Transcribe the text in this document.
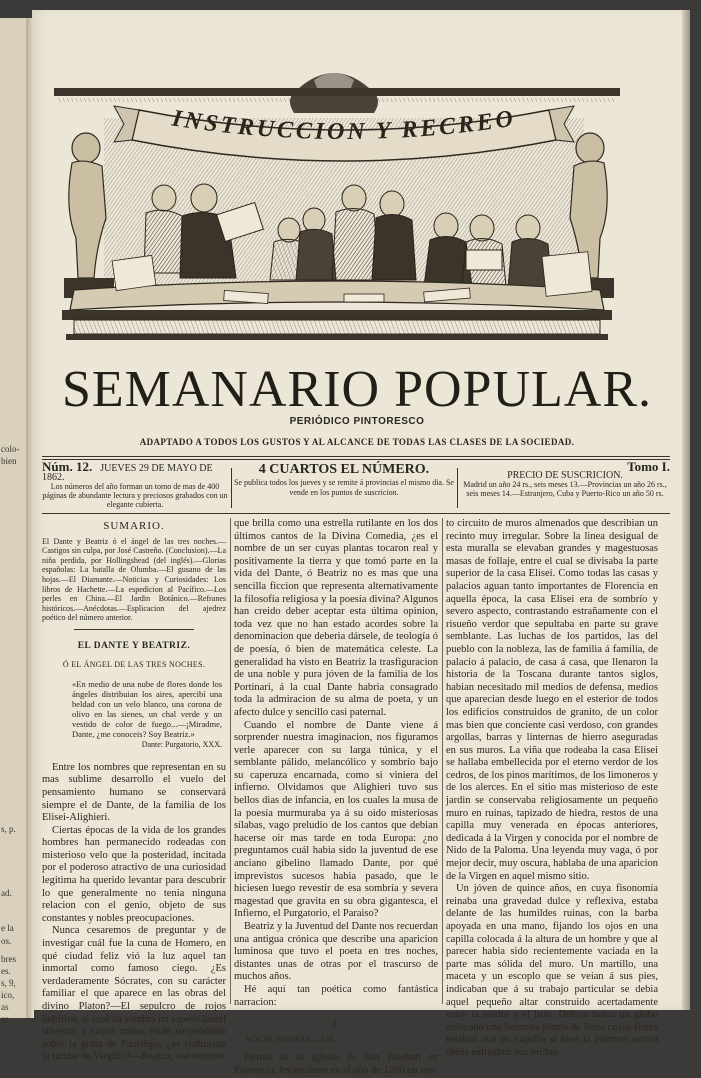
colo-
bien
s, p.
ad.
e la
os.
bres
es.
s, 9,
ico,
as
er.
INSTRUCCION Y RECREO
SEMANARIO POPULAR.
PERIÓDICO PINTORESCO
ADAPTADO A TODOS LOS GUSTOS Y AL ALCANCE DE TODAS LAS CLASES DE LA SOCIEDAD.
Núm. 12. JUEVES 29 DE MAYO DE 1862.
Los números del año forman un tomo de mas de 400 páginas de abundante lectura y preciosos grabados con un elegante cubierta.
4 CUARTOS EL NÚMERO.
Se publica todos los jueves y se remite á provincias el mismo dia. Se vende en los puntos de suscricion.
Tomo I.
PRECIO DE SUSCRICION.
Madrid un año 24 rs., seis meses 13.—Provincias un año 26 rs., seis meses 14.—Estranjero, Cuba y Puerto-Rico un año 50 rs.
SUMARIO.
El Dante y Beatriz ó el ángel de las tres noches.—Castigos sin culpa, por José Castreño. (Conclusion).—La niña perdida, por Hollingshead (del inglés).—Glorias españolas: La batalla de Olumba.—El gusano de las hojas.—El Diamante.—Noticias y Curiosidades: Los libros de Hachette.—La espedicion al Pacífico.—Los perles en China.—El Jardin Botánico.—Refranes históricos.—Anécdotas.—Esplicacion del ajedrez poético del número anterior.
EL DANTE Y BEATRIZ.
Ó EL ÁNGEL DE LAS TRES NOCHES.
«En medio de una nube de flores donde los ángeles distribuian los aires, apercibí una beldad con un velo blanco, una corona de olivo en las sienes, un chal verde y un vestido de color de fuego...—¡Miradme, Dante, ¿me conoceis? Soy Beatriz.»
Dante: Purgatorio, XXX.

Entre los nombres que representan en su mas sublime desarrollo el vuelo del pensamiento humano se conservará siempre el de Dante, de la familia de los Elisei-Alighieri.

Ciertas épocas de la vida de los grandes hombres han permanecido rodeadas con misterioso velo que la posteridad, incitada por el poderoso atractivo de una curiosidad legítima ha querido levantar para descubrir lo que generalmente no tenia ninguna relacion con el genio, objeto de sus constantes y nobles preocupaciones.

Nunca cesaremos de preguntar y de investigar cuál fue la cuna de Homero, en qué ciudad feliz vió la luz aquel tan inmortal como famoso ciego. ¿Es verdaderamente Sócrates, con su carácter familiar el que aparece en las obras del divino Platon?—El sepulcro de rojos ladrillos, al cual da sombra un espeso laurel silvestre y cuyas ruinas están suspendidas sobre la gruta de Pausilipo, ¿es realmente la tumba de Virgilio?—Beatriz, ese nombre

que brilla como una estrella rutilante en los dos últimos cantos de la Divina Comedia, ¿es el nombre de un ser cuyas plantas tocaron real y positivamente la tierra y que tomó parte en la vida del Dante, ó Beatriz no es mas que una sencilla ficcion que representa alternativamente la filosofía religiosa y la poesía divina? Algunos han creido deber aceptar esta última opinion, toda vez que no han estado acordes sobre la denominacion que deberia dársele, de teología ó de poesía, ó bien de matemática celeste. La generalidad ha visto en Beatriz la trasfiguracion de una noble y pura jóven de la familia de los Portinari, á la cual Dante habria consagrado toda la admiracion de su alma de poeta, y un afecto dulce y sencillo casi paternal.

Cuando el nombre de Dante viene á sorprender nuestra imaginacion, nos figuramos verle aparecer con su larga túnica, y el semblante pálido, melancólico y sombrío bajo su caperuza encarnada, como si viniera del infierno. Olvidamos que Alighieri tuvo sus bellos dias de infancia, en los cuales la musa de la poesía murmuraba ya á su oido misteriosas sílabas, vago preludio de los cantos que debian hacerse oir mas tarde en toda Europa: ¿no preguntamos cuál habia sido la juventud de ese anciano gibelino llamado Dante, por qué imprevistos sucesos habia pasado, que le hiciesen luego revestir de esa sombría y severa magestad que gravita en su obra gigantesca, el Infierno, el Purgatorio, el Paraiso?

Beatriz y la Juventud del Dante nos recuerdan una antigua crónica que describe una aparicion luminosa que tuvo el poeta en tres noches, distantes unas de otras por el trascurso de muchos años.

Hé aquí tan poética como fantástica narracion:

I.
NOCHE PRIMERA.—128...

Detrás de la iglesia de San Estéban en Florencia, levantábase en el año de 1280 un vas-

to circuito de muros almenados que describian un recinto muy irregular. Sobre la linea desigual de esta muralla se elevaban grandes y magestuosas masas de follaje, entre el cual se divisaba la parte superior de la casa Elisei. Como todas las casas y palacios aguan tanto importantes de Florencia en aquella época, la casa Elisei era de sombrío y severo aspecto, contrastando estrañamente con el risueño verdor que sepultaba en parte su grave semblante. Las luchas de los partidos, las del pueblo con la nobleza, las de familia á familia, de palacio á palacio, de casa á casa, que llenaron la historia de la Toscana durante tantos siglos, habian necesitado mil medios de defensa, medios que aparecian desde luego en el esterior de todos los edificios construidos de granito, de un color mas bien que conciente casi verdoso, con grandes argollas, barras y linternas de hierro aseguradas en sus muros. La viña que rodeaba la casa Elisei se hallaba embellecida por el eterno verdor de los cedros, de los pinos marítimos, de los limoneros y de los alerces. En el sitio mas misterioso de este jardin se conservaba religiosamente un pequeño muro en ruinas, tapizado de hiedra, restos de una capilla muy venerada en épocas anteriores, dedicada á la Virgen y conocida por el nombre de Nido de la Paloma. Una leyenda muy vaga, ó por mejor decir, muy oscura, hablaba de una aparicion de la Virgen en aquel mismo sitio.

Un jóven de quince años, en cuya fisonomía reinaba una gravedad dulce y reflexiva, estaba delante de las humildes ruinas, con la barba apoyada en una mano, fijando los ojos en una capilla colocada á la altura de un hombre y que al parecer habia sido recientemente vaciada en la parte mas sólida del muro. Un martillo, una maceta y un escoplo que se veian á sus pies, indicaban que á su trabajo particular se debia aquel pequeño altar construido acertadamente entre la hiedra y el lirio. Debajo habia un globo colocado una hermosa planta de lirios cuyas flores estaban aun en capullo si bien la primera aurora debia entreabrir sus brillan-
